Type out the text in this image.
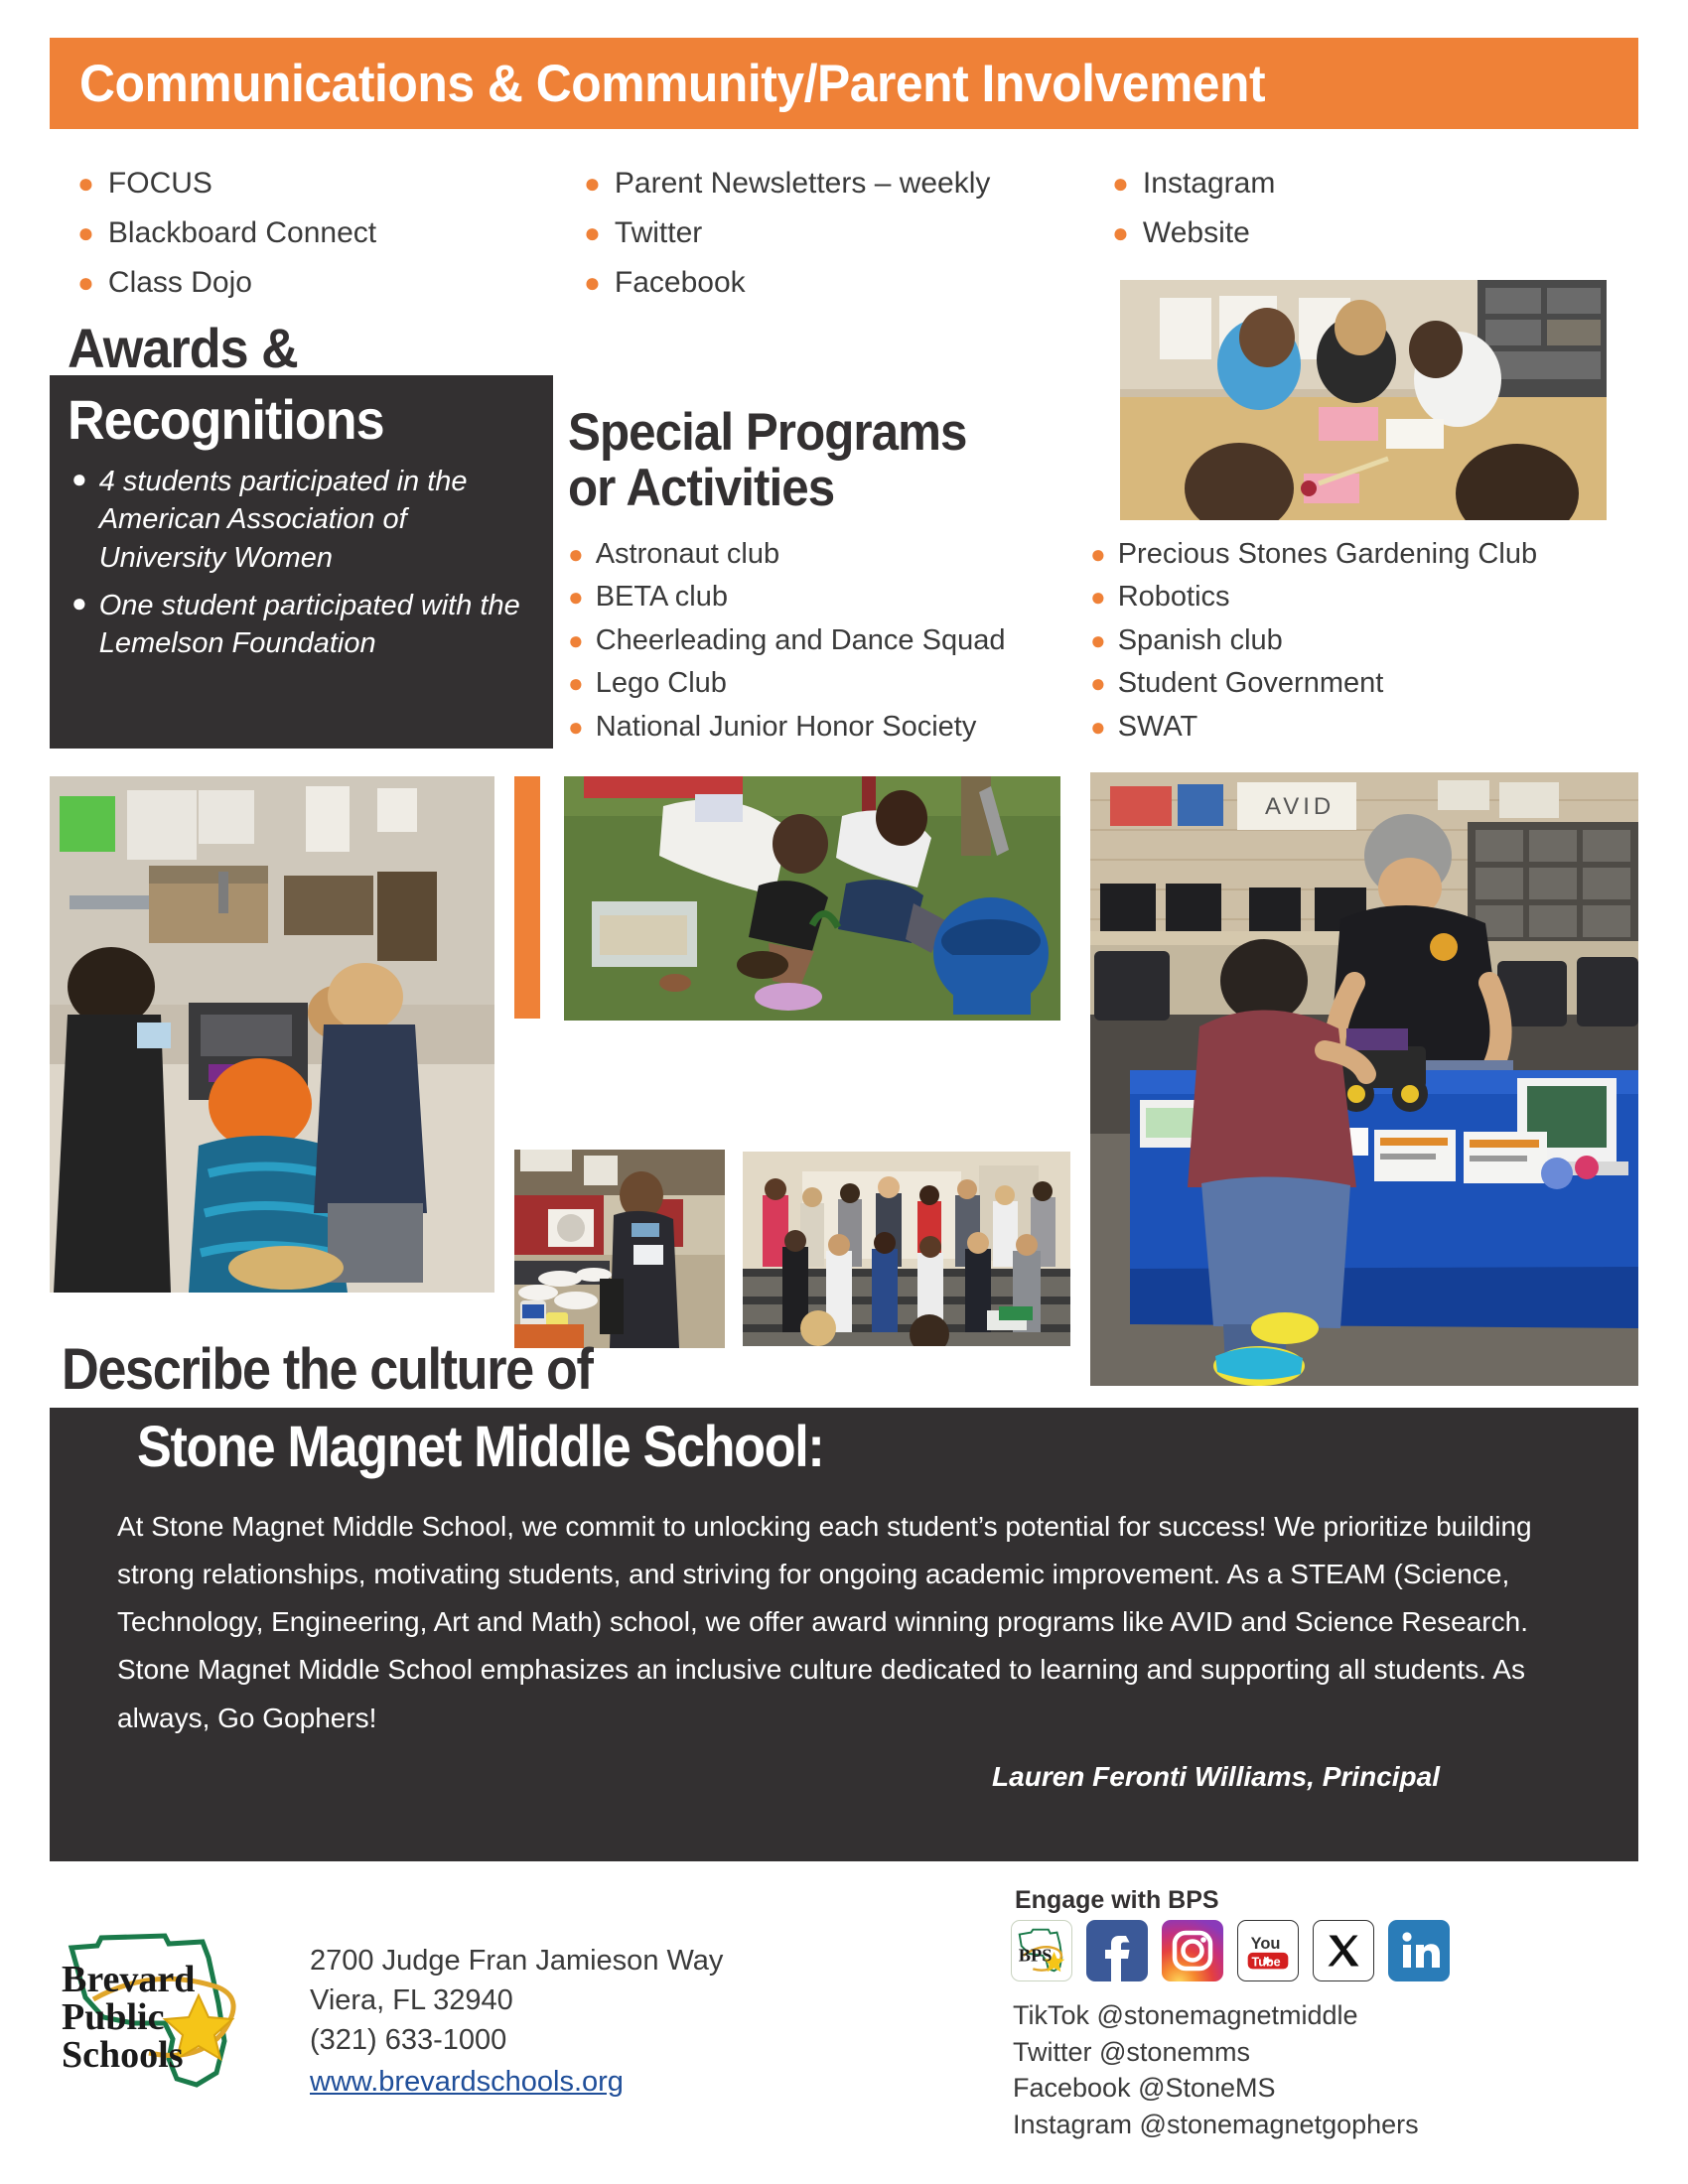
Communications & Community/Parent Involvement
● FOCUS
● Blackboard Connect
● Class Dojo
● Parent Newsletters – weekly
● Twitter
● Facebook
● Instagram
● Website
Awards &
Recognitions
● 4 students participated in the American Association of University Women
● One student participated with the Lemelson Foundation
Special Programs
or Activities
● Astronaut club
● BETA club
● Cheerleading and Dance Squad
● Lego Club
● National Junior Honor Society
● Precious Stones Gardening Club
● Robotics
● Spanish club
● Student Government
● SWAT
AVID
Describe the culture of
Stone Magnet Middle School:
At Stone Magnet Middle School, we commit to unlocking each student’s potential for success! We prioritize building strong relationships, motivating students, and striving for ongoing academic improvement. As a STEAM (Science, Technology, Engineering, Art and Math) school, we offer award winning programs like AVID and Science Research. Stone Magnet Middle School emphasizes an inclusive culture dedicated to learning and supporting all students. As always, Go Gophers!
Lauren Feronti Williams, Principal
Brevard
Public
Schools
2700 Judge Fran Jamieson Way
Viera, FL 32940
(321) 633-1000
www.brevardschools.org
Engage with BPS
BPS
You
Tube
TikTok @stonemagnetmiddle
Twitter @stonemms
Facebook @StoneMS
Instagram @stonemagnetgophers
